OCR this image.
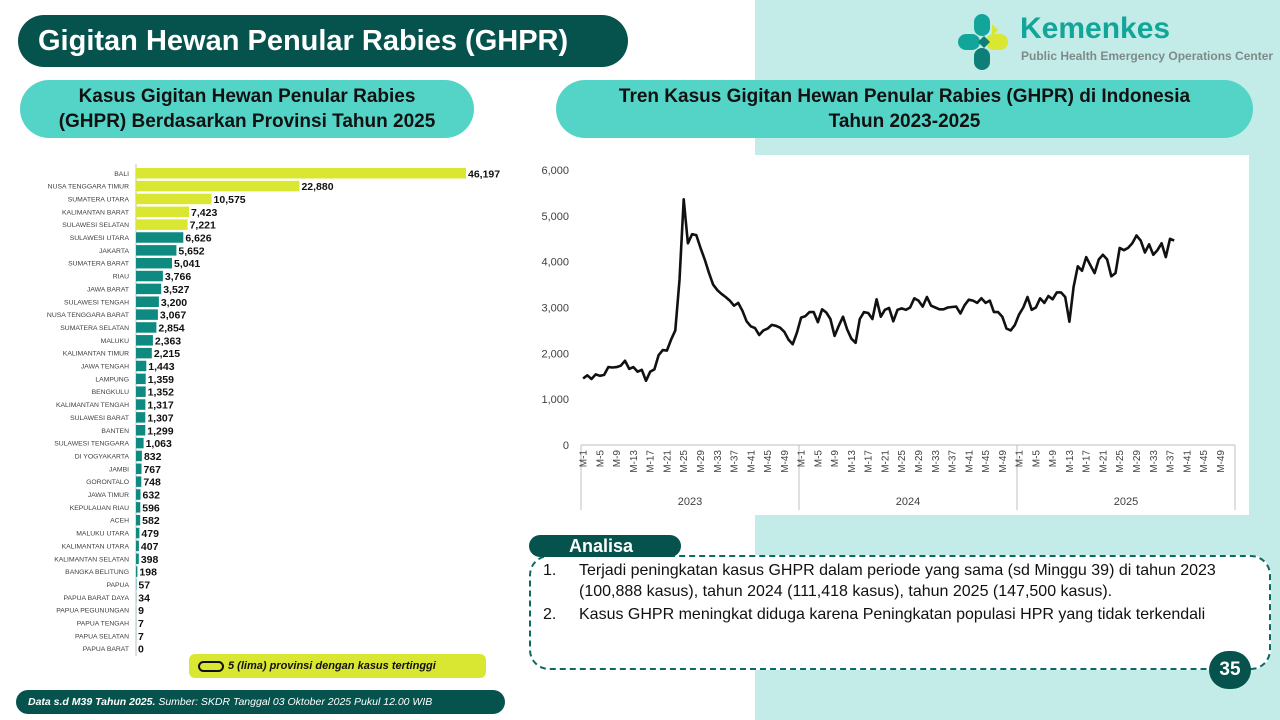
Gigitan Hewan Penular Rabies (GHPR)	Kemenkes
Public Health Emergency Operations Center
Kasus Gigitan Hewan Penular Rabies
(GHPR) Berdasarkan Provinsi Tahun 2025
Tren Kasus Gigitan Hewan Penular Rabies (GHPR) di Indonesia
Tahun 2023-2025
BALI	46,197
NUSA TENGGARA TIMUR	22,880
SUMATERA UTARA	10,575
KALIMANTAN BARAT	7,423
SULAWESI SELATAN	7,221
SULAWESI UTARA	6,626
JAKARTA	5,652
SUMATERA BARAT	5,041
RIAU	3,766
JAWA BARAT	3,527
SULAWESI TENGAH	3,200
NUSA TENGGARA BARAT	3,067
SUMATERA SELATAN	2,854
MALUKU 2,363
KALIMANTAN TIMUR 2,215
JAWA TENGAH 1,443
LAMPUNG 1,359
BENGKULU 1,352
KALIMANTAN TENGAH 1,317
SULAWESI BARAT 1,307
BANTEN 1,299
SULAWESI TENGGARA 1,063
DI YOGYAKARTA 832
JAMBI 767
GORONTALO 748
JAWA TIMUR 632
KEPULAUAN RIAU 596
ACEH 582
MALUKU UTARA 479
KALIMANTAN UTARA 407
KALIMANTAN SELATAN 398
BANGKA BELITUNG 198
PAPUA 57
PAPUA BARAT DAYA 34
PAPUA PEGUNUNGAN 9
PAPUA TENGAH 7
PAPUA SELATAN 7
PAPUA BARAT 0
0
1,000
2,000
3,000
4,000
5,000
6,000
2023
M-1 M-5 M-9 M-13 M-17 M-21 M-25 M-29 M-33 M-37 M-41 M-45 M-49
2024
M-1 M-5 M-9 M-13 M-17 M-21 M-25 M-29 M-33 M-37 M-41 M-45 M-49
2025
M-1 M-5 M-9 M-13 M-17 M-21 M-25 M-29 M-33 M-37 M-41 M-45 M-49
5 (lima) provinsi dengan kasus tertinggi
Data s.d M39 Tahun 2025. Sumber: SKDR Tanggal 03 Oktober 2025 Pukul 12.00 WIB
Analisa
1. Terjadi peningkatan kasus GHPR dalam periode yang sama (sd Minggu 39) di tahun 2023 (100,888 kasus), tahun 2024 (111,418 kasus), tahun 2025 (147,500 kasus).
2. Kasus GHPR meningkat diduga karena Peningkatan populasi HPR yang tidak terkendali
35
